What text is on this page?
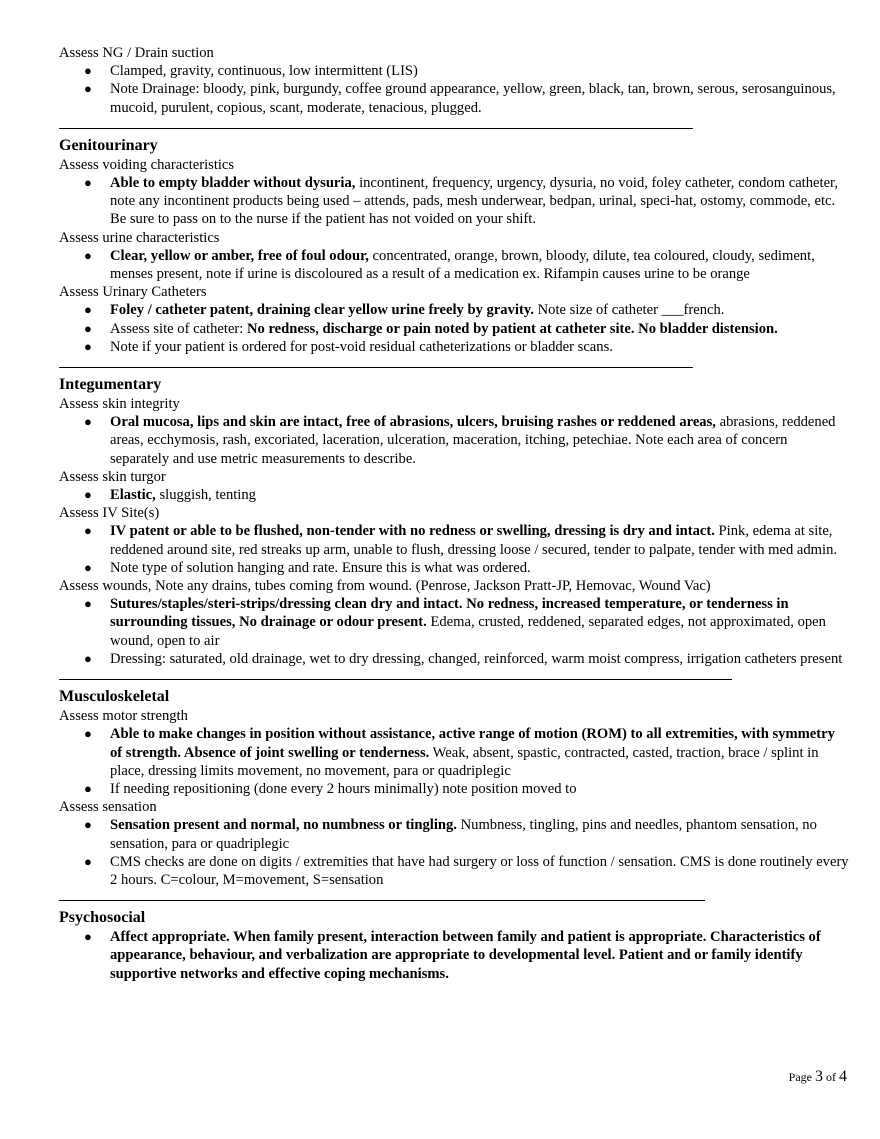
Assess NG / Drain suction

● Clamped, gravity, continuous, low intermittent (LIS)
● Note Drainage: bloody, pink, burgundy, coffee ground appearance, yellow, green, black, tan, brown, serous, serosanguinous, mucoid, purulent, copious, scant, moderate, tenacious, plugged.

Genitourinary

Assess voiding characteristics

● Able to empty bladder without dysuria, incontinent, frequency, urgency, dysuria, no void, foley catheter, condom catheter, note any incontinent products being used – attends, pads, mesh underwear, bedpan, urinal, speci-hat, ostomy, commode, etc. Be sure to pass on to the nurse if the patient has not voided on your shift.

Assess urine characteristics

● Clear, yellow or amber, free of foul odour, concentrated, orange, brown, bloody, dilute, tea coloured, cloudy, sediment, menses present, note if urine is discoloured as a result of a medication ex. Rifampin causes urine to be orange

Assess Urinary Catheters

● Foley / catheter patent, draining clear yellow urine freely by gravity. Note size of catheter ___french.
● Assess site of catheter: No redness, discharge or pain noted by patient at catheter site. No bladder distension.
● Note if your patient is ordered for post-void residual catheterizations or bladder scans.

Integumentary

Assess skin integrity

● Oral mucosa, lips and skin are intact, free of abrasions, ulcers, bruising rashes or reddened areas, abrasions, reddened areas, ecchymosis, rash, excoriated, laceration, ulceration, maceration, itching, petechiae. Note each area of concern separately and use metric measurements to describe.

Assess skin turgor

● Elastic, sluggish, tenting

Assess IV Site(s)

● IV patent or able to be flushed, non-tender with no redness or swelling, dressing is dry and intact. Pink, edema at site, reddened around site, red streaks up arm, unable to flush, dressing loose / secured, tender to palpate, tender with med admin.
● Note type of solution hanging and rate. Ensure this is what was ordered.

Assess wounds, Note any drains, tubes coming from wound. (Penrose, Jackson Pratt-JP, Hemovac, Wound Vac)

● Sutures/staples/steri-strips/dressing clean dry and intact. No redness, increased temperature, or tenderness in surrounding tissues, No drainage or odour present. Edema, crusted, reddened, separated edges, not approximated, open wound, open to air
● Dressing: saturated, old drainage, wet to dry dressing, changed, reinforced, warm moist compress, irrigation catheters present

Musculoskeletal

Assess motor strength

● Able to make changes in position without assistance, active range of motion (ROM) to all extremities, with symmetry of strength. Absence of joint swelling or tenderness. Weak, absent, spastic, contracted, casted, traction, brace / splint in place, dressing limits movement, no movement, para or quadriplegic
● If needing repositioning (done every 2 hours minimally) note position moved to

Assess sensation

● Sensation present and normal, no numbness or tingling. Numbness, tingling, pins and needles, phantom sensation, no sensation, para or quadriplegic
● CMS checks are done on digits / extremities that have had surgery or loss of function / sensation. CMS is done routinely every 2 hours. C=colour, M=movement, S=sensation

Psychosocial

● Affect appropriate. When family present, interaction between family and patient is appropriate. Characteristics of appearance, behaviour, and verbalization are appropriate to developmental level. Patient and or family identify supportive networks and effective coping mechanisms.
Page 3 of 4
